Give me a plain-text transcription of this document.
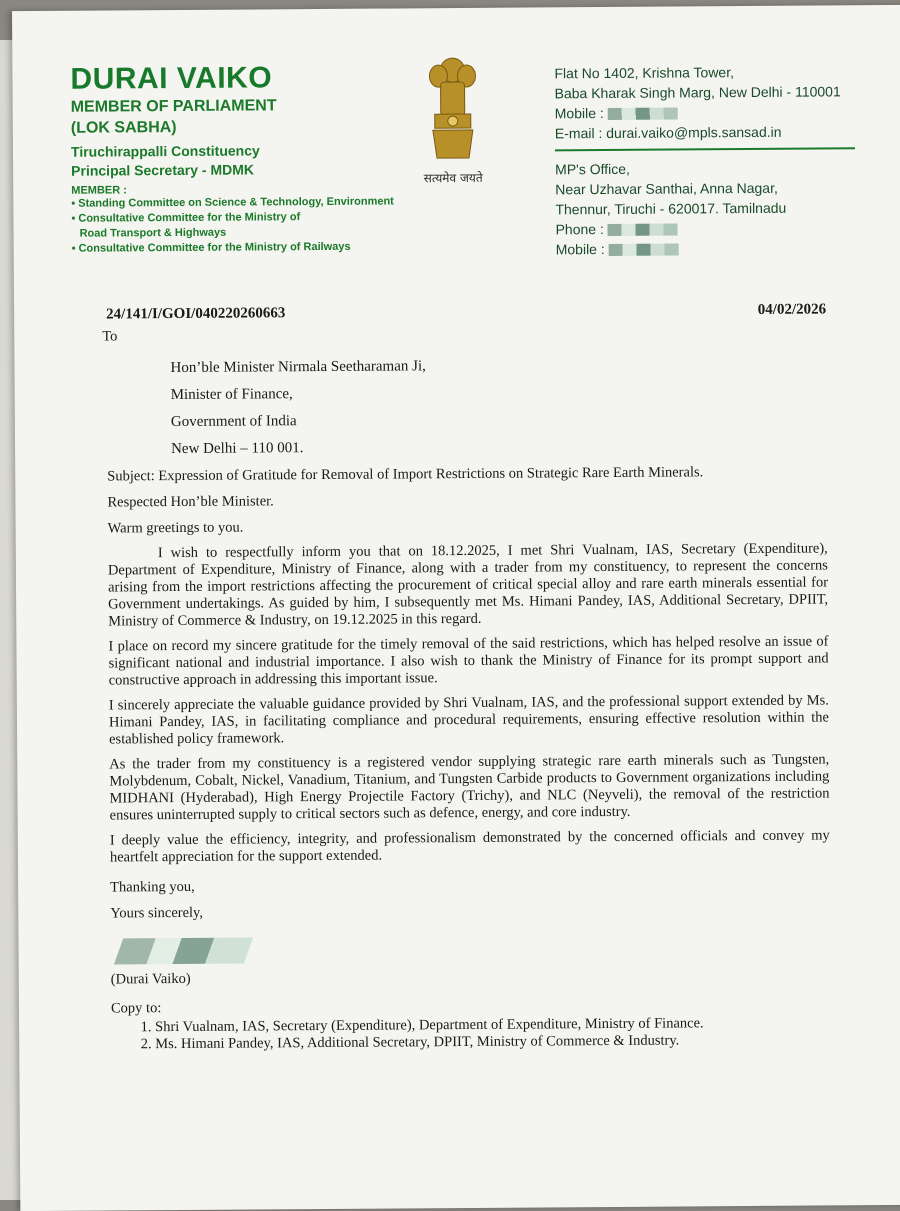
DURAI VAIKO
MEMBER OF PARLIAMENT
(LOK SABHA)
Tiruchirappalli Constituency
Principal Secretary - MDMK
MEMBER :
• Standing Committee on Science & Technology, Environment
• Consultative Committee for the Ministry of
Road Transport & Highways
• Consultative Committee for the Ministry of Railways
सत्यमेव जयते
Flat No 1402, Krishna Tower,
Baba Kharak Singh Marg, New Delhi - 110001
Mobile :
E-mail : durai.vaiko@mpls.sansad.in
MP's Office,
Near Uzhavar Santhai, Anna Nagar,
Thennur, Tiruchi - 620017. Tamilnadu
Phone :
Mobile :
24/141/I/GOI/040220260663	04/02/2026
To
Hon’ble Minister Nirmala Seetharaman Ji,
Minister of Finance,
Government of India
New Delhi – 110 001.
Subject: Expression of Gratitude for Removal of Import Restrictions on Strategic Rare Earth Minerals.
Respected Hon’ble Minister.
Warm greetings to you.

I wish to respectfully inform you that on 18.12.2025, I met Shri Vualnam, IAS, Secretary (Expenditure), Department of Expenditure, Ministry of Finance, along with a trader from my constituency, to represent the concerns arising from the import restrictions affecting the procurement of critical special alloy and rare earth minerals essential for Government undertakings. As guided by him, I subsequently met Ms. Himani Pandey, IAS, Additional Secretary, DPIIT, Ministry of Commerce & Industry, on 19.12.2025 in this regard.

I place on record my sincere gratitude for the timely removal of the said restrictions, which has helped resolve an issue of significant national and industrial importance. I also wish to thank the Ministry of Finance for its prompt support and constructive approach in addressing this important issue.

I sincerely appreciate the valuable guidance provided by Shri Vualnam, IAS, and the professional support extended by Ms. Himani Pandey, IAS, in facilitating compliance and procedural requirements, ensuring effective resolution within the established policy framework.

As the trader from my constituency is a registered vendor supplying strategic rare earth minerals such as Tungsten, Molybdenum, Cobalt, Nickel, Vanadium, Titanium, and Tungsten Carbide products to Government organizations including MIDHANI (Hyderabad), High Energy Projectile Factory (Trichy), and NLC (Neyveli), the removal of the restriction ensures uninterrupted supply to critical sectors such as defence, energy, and core industry.

I deeply value the efficiency, integrity, and professionalism demonstrated by the concerned officials and convey my heartfelt appreciation for the support extended.

Thanking you,
Yours sincerely,
(Durai Vaiko)
Copy to:
1. Shri Vualnam, IAS, Secretary (Expenditure), Department of Expenditure, Ministry of Finance.
2. Ms. Himani Pandey, IAS, Additional Secretary, DPIIT, Ministry of Commerce & Industry.
